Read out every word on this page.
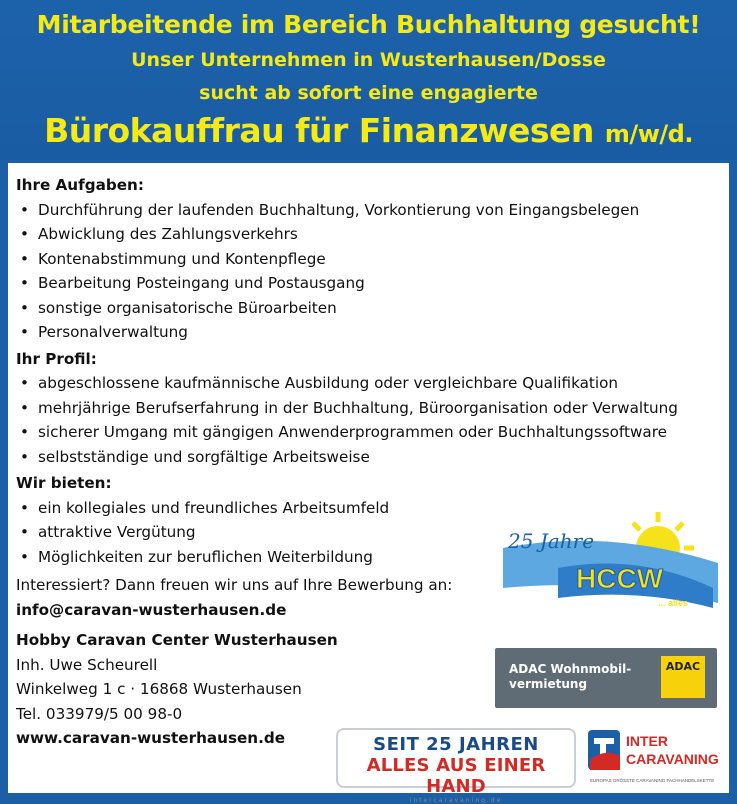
Mitarbeitende im Bereich Buchhaltung gesucht!
Unser Unternehmen in Wusterhausen/Dosse
sucht ab sofort eine engagierte
Bürokauffrau für Finanzwesen m/w/d.
Ihre Aufgaben:
• Durchführung der laufenden Buchhaltung, Vorkontierung von Eingangsbelegen
• Abwicklung des Zahlungsverkehrs
• Kontenabstimmung und Kontenpflege
• Bearbeitung Posteingang und Postausgang
• sonstige organisatorische Büroarbeiten
• Personalverwaltung
Ihr Profil:
• abgeschlossene kaufmännische Ausbildung oder vergleichbare Qualifikation
• mehrjährige Berufserfahrung in der Buchhaltung, Büroorganisation oder Verwaltung
• sicherer Umgang mit gängigen Anwenderprogrammen oder Buchhaltungssoftware
• selbstständige und sorgfältige Arbeitsweise
Wir bieten:
• ein kollegiales und freundliches Arbeitsumfeld
• attraktive Vergütung
• Möglichkeiten zur beruflichen Weiterbildung
Interessiert? Dann freuen wir uns auf Ihre Bewerbung an:
info@caravan-wusterhausen.de
Hobby Caravan Center Wusterhausen
Inh. Uwe Scheurell
Winkelweg 1 c · 16868 Wusterhausen
Tel. 033979/5 00 98-0
www.caravan-wusterhausen.de
25 Jahre
HCCW
... alles
ADAC Wohnmobil-
vermietung
ADAC
SEIT 25 JAHREN
ALLES AUS EINER HAND
intercaravaning.de
INTER
CARAVANING
EUROPAS GRÖSSTE CARAVANING FACHHANDELSKETTE
